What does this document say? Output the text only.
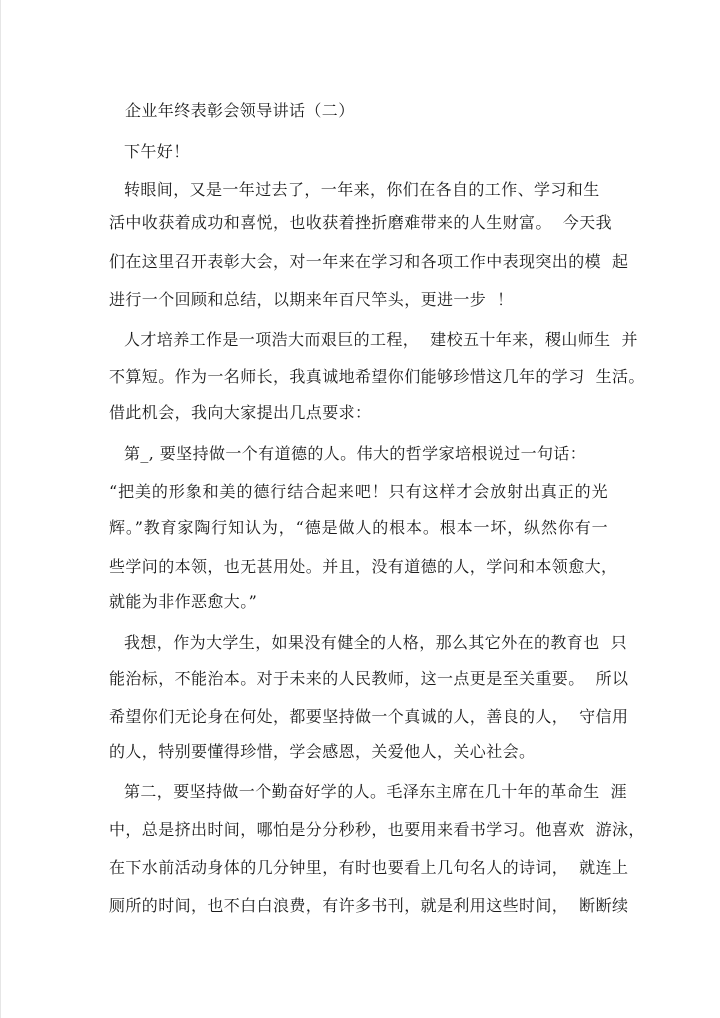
企业年终表彰会领导讲话（二）
下午好！
转眼间，又是一年过去了，一年来，你们在各自的工作、学习和生
活中收获着成功和喜悦，也收获着挫折磨难带来的人生财富。  今天我
们在这里召开表彰大会，对一年来在学习和各项工作中表现突出的模  起
进行一个回顾和总结，以期来年百尺竿头，更进一步  ！
人才培养工作是一项浩大而艰巨的工程，  建校五十年来，稷山师生  并
不算短。作为一名师长，我真诚地希望你们能够珍惜这几年的学习  生活。
借此机会，我向大家提出几点要求：
第_, 要坚持做一个有道德的人。伟大的哲学家培根说过一句话：
“把美的形象和美的德行结合起来吧！只有这样才会放射出真正的光
辉。”教育家陶行知认为，“德是做人的根本。根本一坏，纵然你有一
些学问的本领，也无甚用处。并且，没有道德的人，学问和本领愈大，
就能为非作恶愈大。”
我想，作为大学生，如果没有健全的人格，那么其它外在的教育也  只
能治标，不能治本。对于未来的人民教师，这一点更是至关重要。  所以
希望你们无论身在何处，都要坚持做一个真诚的人，善良的人，  守信用
的人，特别要懂得珍惜，学会感恩，关爱他人，关心社会。
第二，要坚持做一个勤奋好学的人。毛泽东主席在几十年的革命生  涯
中，总是挤出时间，哪怕是分分秒秒，也要用来看书学习。他喜欢  游泳，
在下水前活动身体的几分钟里，有时也要看上几句名人的诗词，  就连上
厕所的时间，也不白白浪费，有许多书刊，就是利用这些时间，  断断续
